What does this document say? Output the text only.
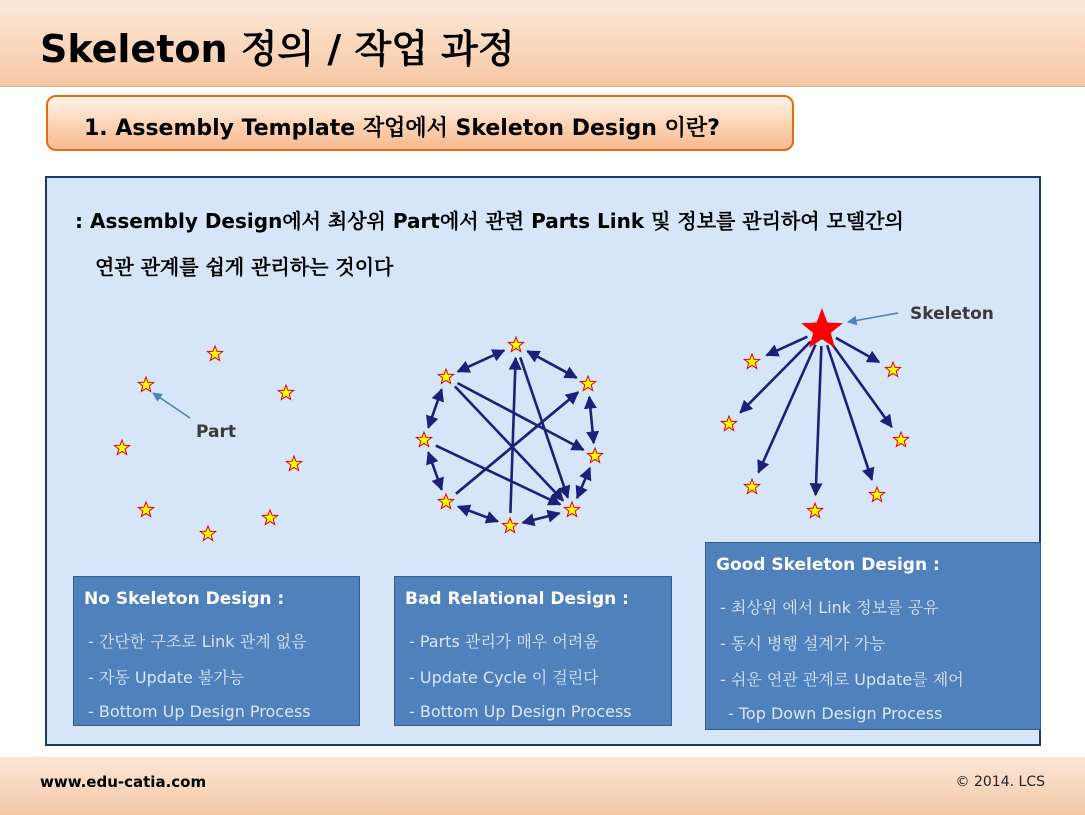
Skeleton 정의 / 작업 과정
1. Assembly Template 작업에서 Skeleton Design 이란?
: Assembly Design에서 최상위 Part에서 관련 Parts Link 및 정보를 관리하여 모델간의
연관 관계를 쉽게 관리하는 것이다
Part
Skeleton
No Skeleton Design :
- 간단한 구조로 Link 관계 없음
- 자동 Update 불가능
- Bottom Up Design Process
Bad Relational Design :
- Parts 관리가 매우 어려움
- Update Cycle 이 걸린다
- Bottom Up Design Process
Good Skeleton Design :
- 최상위 에서 Link 정보를 공유
- 동시 병행 설계가 가능
- 쉬운 연관 관계로 Update를 제어
- Top Down Design Process
www.edu-catia.com	© 2014. LCS
